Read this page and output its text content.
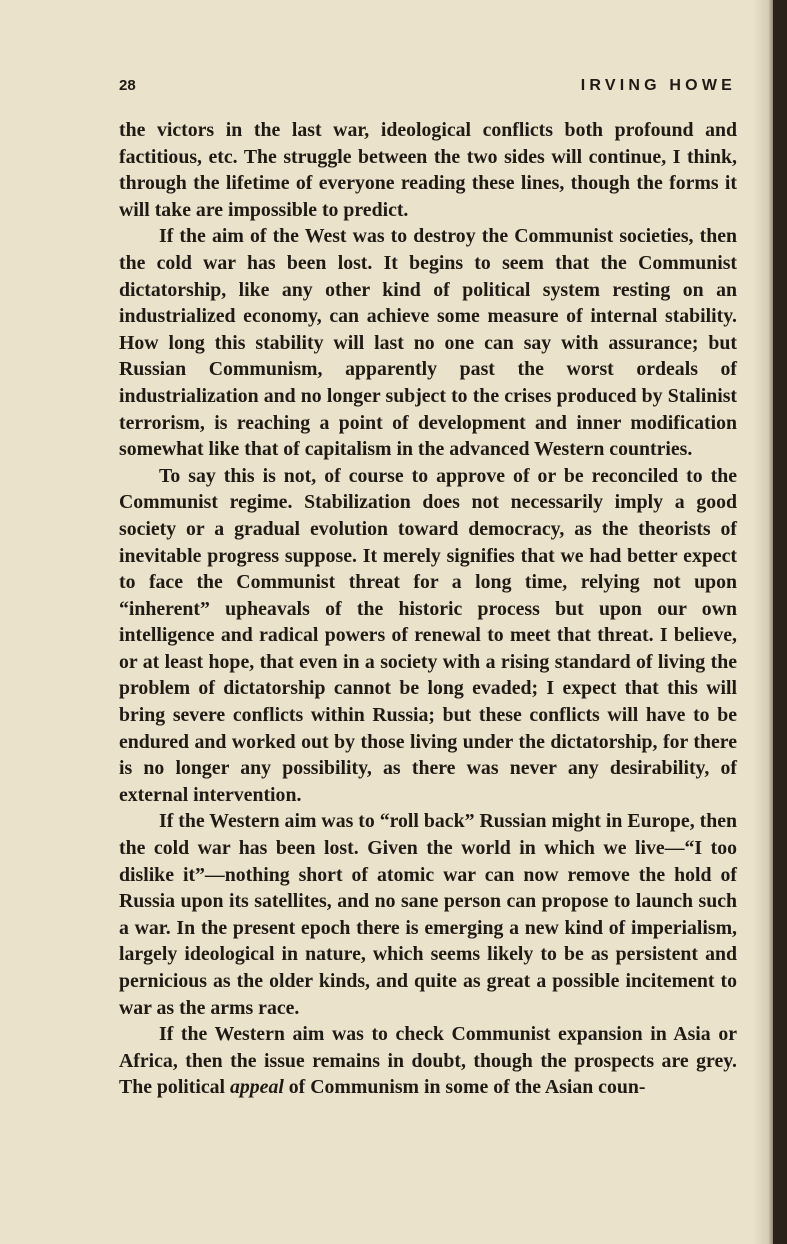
28	IRVING HOWE

the victors in the last war, ideological conflicts both profound and factitious, etc. The struggle between the two sides will continue, I think, through the lifetime of everyone reading these lines, though the forms it will take are impossible to predict.

If the aim of the West was to destroy the Communist societies, then the cold war has been lost. It begins to seem that the Communist dictatorship, like any other kind of political system resting on an industrialized economy, can achieve some measure of internal stability. How long this stability will last no one can say with assurance; but Russian Communism, apparently past the worst ordeals of industrialization and no longer subject to the crises produced by Stalinist terrorism, is reaching a point of development and inner modification somewhat like that of capitalism in the advanced Western countries.

To say this is not, of course to approve of or be reconciled to the Communist regime. Stabilization does not necessarily imply a good society or a gradual evolution toward democracy, as the theorists of inevitable progress suppose. It merely signifies that we had better expect to face the Communist threat for a long time, relying not upon “inherent” upheavals of the historic process but upon our own intelligence and radical powers of renewal to meet that threat. I believe, or at least hope, that even in a society with a rising standard of living the problem of dictatorship cannot be long evaded; I expect that this will bring severe conflicts within Russia; but these conflicts will have to be endured and worked out by those living under the dictatorship, for there is no longer any possibility, as there was never any desirability, of external intervention.

If the Western aim was to “roll back” Russian might in Europe, then the cold war has been lost. Given the world in which we live—“I too dislike it”—nothing short of atomic war can now remove the hold of Russia upon its satellites, and no sane person can propose to launch such a war. In the present epoch there is emerging a new kind of imperialism, largely ideological in nature, which seems likely to be as persistent and pernicious as the older kinds, and quite as great a possible incitement to war as the arms race.

If the Western aim was to check Communist expansion in Asia or Africa, then the issue remains in doubt, though the prospects are grey. The political appeal of Communism in some of the Asian coun-
